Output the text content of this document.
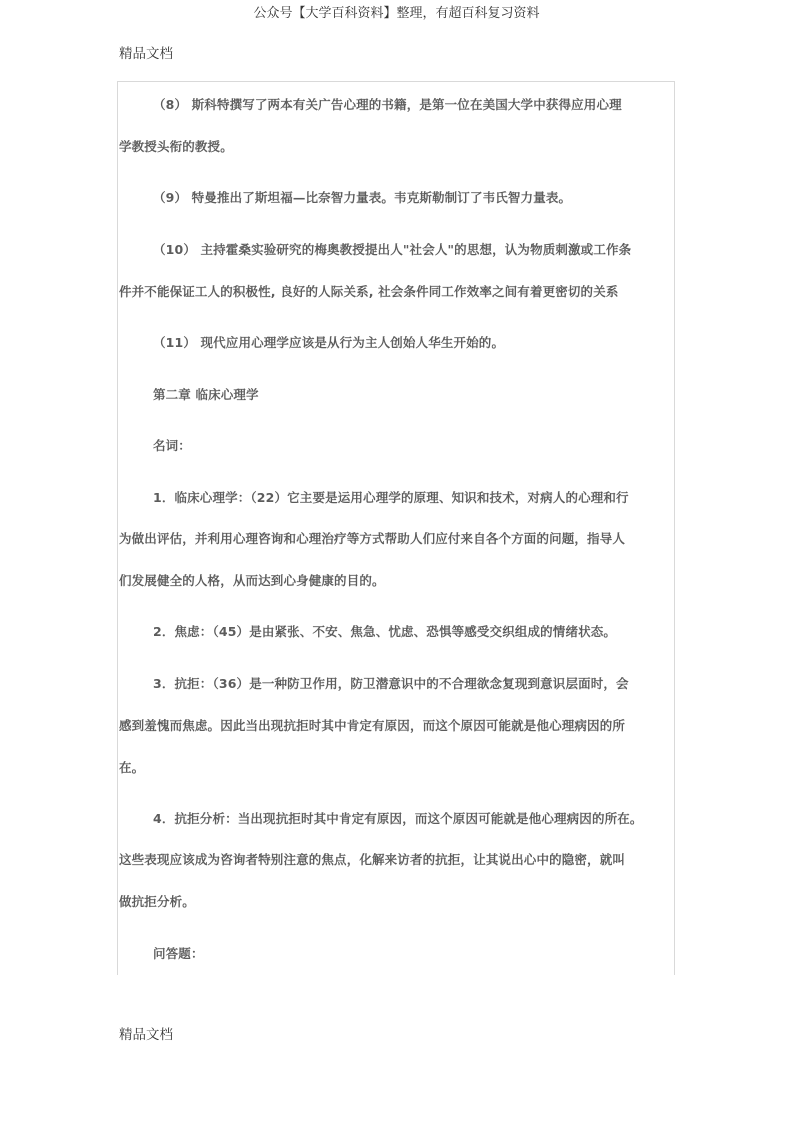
公众号【大学百科资料】整理，有超百科复习资料
精品文档
（8） 斯科特撰写了两本有关广告心理的书籍，是第一位在美国大学中获得应用心理
学教授头衔的教授。
（9） 特曼推出了斯坦福—比奈智力量表。韦克斯勒制订了韦氏智力量表。
（10） 主持霍桑实验研究的梅奥教授提出人"社会人"的思想，认为物质刺激或工作条
件并不能保证工人的积极性, 良好的人际关系, 社会条件同工作效率之间有着更密切的关系
（11） 现代应用心理学应该是从行为主人创始人华生开始的。
第二章 临床心理学
名词：
1．临床心理学：（22）它主要是运用心理学的原理、知识和技术，对病人的心理和行
为做出评估，并利用心理咨询和心理治疗等方式帮助人们应付来自各个方面的问题，指导人
们发展健全的人格，从而达到心身健康的目的。
2．焦虑：（45）是由紧张、不安、焦急、忧虑、恐惧等感受交织组成的情绪状态。
3．抗拒：（36）是一种防卫作用，防卫潜意识中的不合理欲念复现到意识层面时，会
感到羞愧而焦虑。因此当出现抗拒时其中肯定有原因，而这个原因可能就是他心理病因的所
在。
4．抗拒分析：当出现抗拒时其中肯定有原因，而这个原因可能就是他心理病因的所在。
这些表现应该成为咨询者特别注意的焦点，化解来访者的抗拒，让其说出心中的隐密，就叫
做抗拒分析。
问答题：
精品文档
